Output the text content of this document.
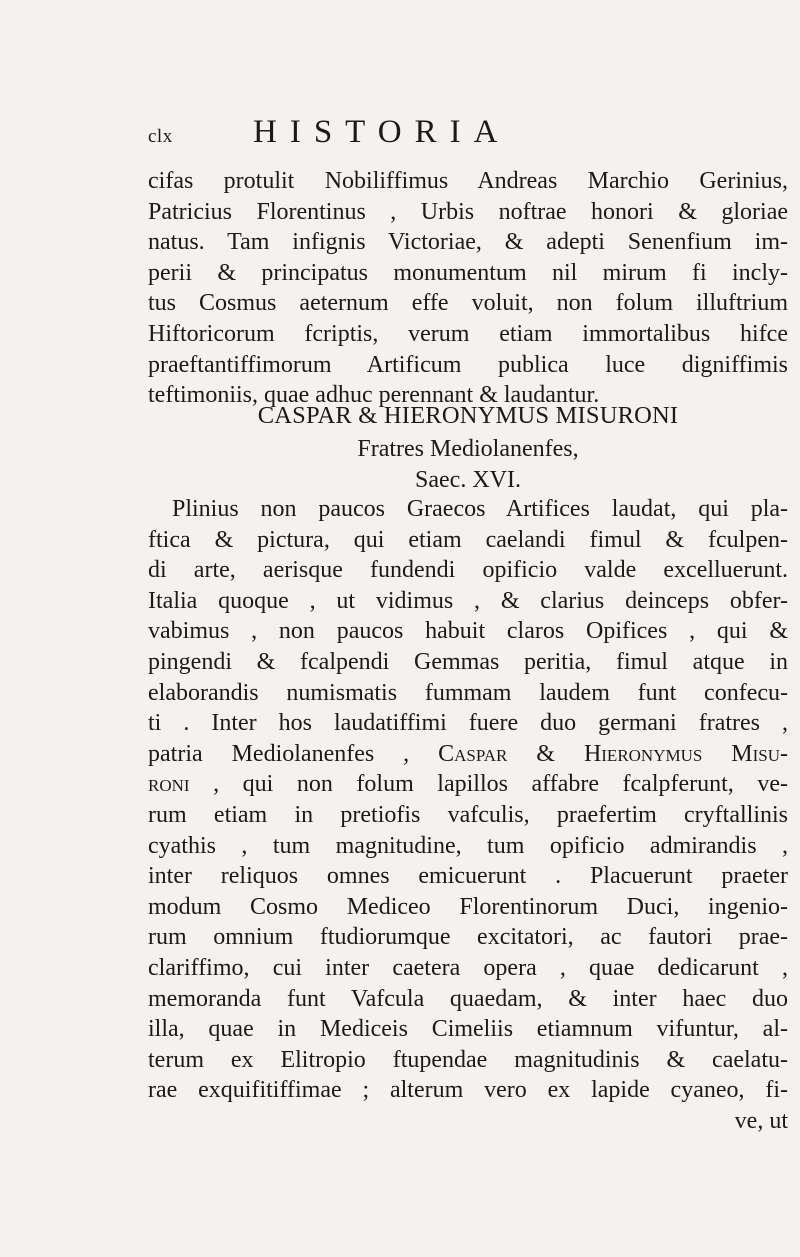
clx HISTORIA

cifas protulit Nobiliffimus Andreas Marchio Gerinius,
Patricius Florentinus , Urbis noftrae honori & gloriae
natus. Tam infignis Victoriae, & adepti Senenfium im-
perii & principatus monumentum nil mirum fi incly-
tus Cosmus aeternum effe voluit, non folum illuftrium
Hiftoricorum fcriptis, verum etiam immortalibus hifce
praeftantiffimorum Artificum publica luce digniffimis
teftimoniis, quae adhuc perennant & laudantur.

CASPAR & HIERONYMUS MISURONI
Fratres Mediolanenfes,
Saec. XVI.

Plinius non paucos Graecos Artifices laudat, qui pla-
ftica & pictura, qui etiam caelandi fimul & fculpen-
di arte, aerisque fundendi opificio valde excelluerunt.
Italia quoque , ut vidimus , & clarius deinceps obfer-
vabimus , non paucos habuit claros Opifices , qui &
pingendi & fcalpendi Gemmas peritia, fimul atque in
elaborandis numismatis fummam laudem funt confecu-
ti . Inter hos laudatiffimi fuere duo germani fratres ,
patria Mediolanenfes , Caspar & Hieronymus Misu-
roni , qui non folum lapillos affabre fcalpferunt, ve-
rum etiam in pretiofis vafculis, praefertim cryftallinis
cyathis , tum magnitudine, tum opificio admirandis ,
inter reliquos omnes emicuerunt . Placuerunt praeter
modum Cosmo Mediceo Florentinorum Duci, ingenio-
rum omnium ftudiorumque excitatori, ac fautori prae-
clariffimo, cui inter caetera opera , quae dedicarunt ,
memoranda funt Vafcula quaedam, & inter haec duo
illa, quae in Mediceis Cimeliis etiamnum vifuntur, al-
terum ex Elitropio ftupendae magnitudinis & caelatu-
rae exquifitiffimae ; alterum vero ex lapide cyaneo, fi-
ve, ut
